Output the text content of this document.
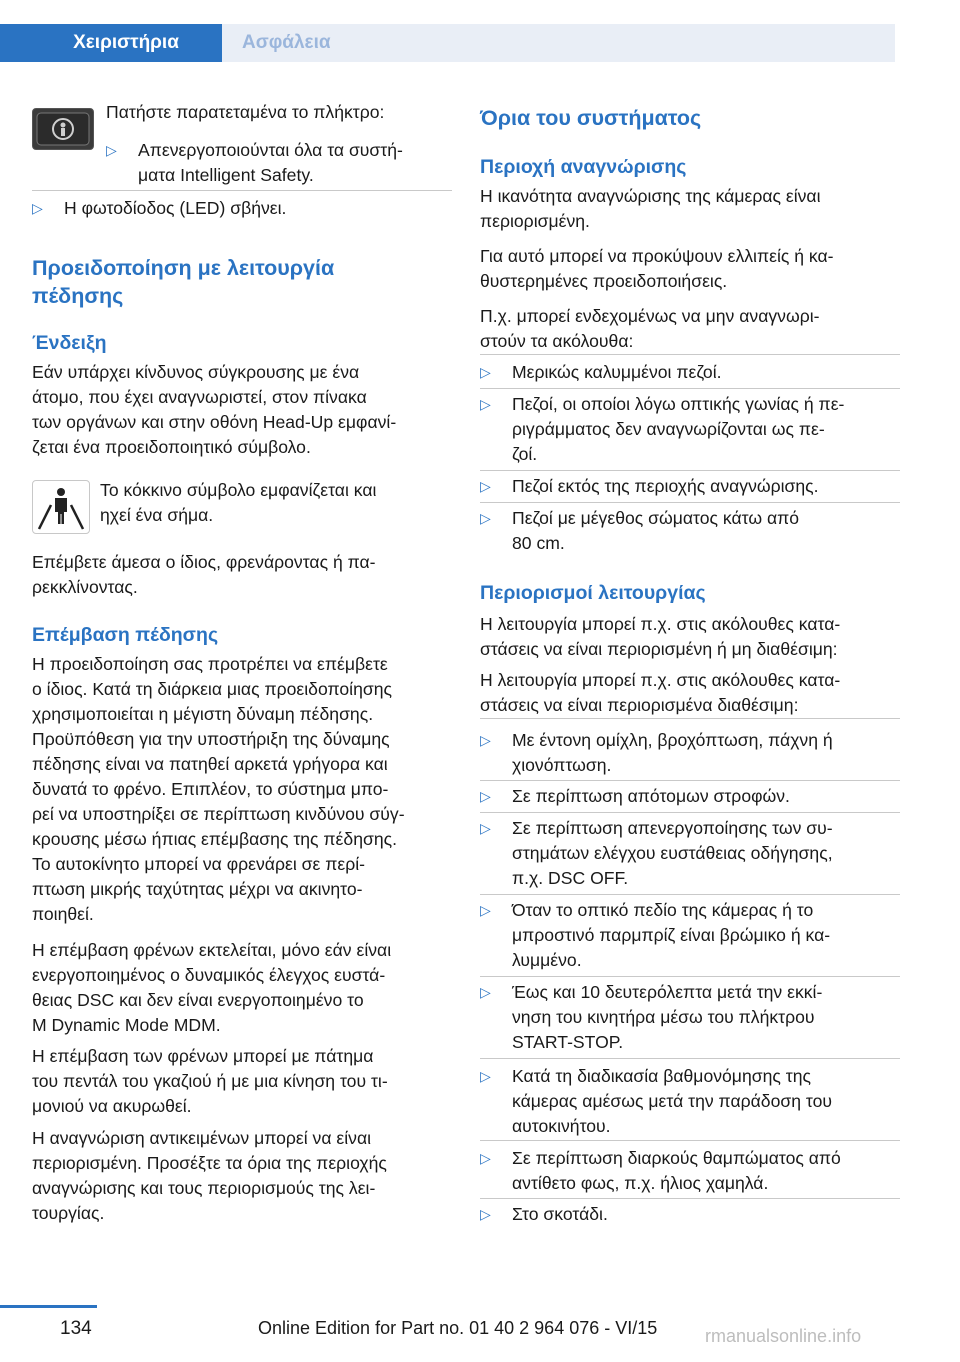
Χειριστήρια	Ασφάλεια

Πατήστε παρατεταμένα το πλήκτρο:

▷	Απενεργοποιούνται όλα τα συστή-
ματα Intelligent Safety.
▷	Η φωτοδίοδος (LED) σβήνει.
Προειδοποίηση με λειτουργία
πέδησης
Ένδειξη

Εάν υπάρχει κίνδυνος σύγκρουσης με ένα
άτομο, που έχει αναγνωριστεί, στον πίνακα
των οργάνων και στην οθόνη Head-Up εμφανί-
ζεται ένα προειδοποιητικό σύμβολο.

Το κόκκινο σύμβολο εμφανίζεται και
ηχεί ένα σήμα.

Επέμβετε άμεσα ο ίδιος, φρενάροντας ή πα-
ρεκκλίνοντας.

Επέμβαση πέδησης

Η προειδοποίηση σας προτρέπει να επέμβετε
ο ίδιος. Κατά τη διάρκεια μιας προειδοποίησης
χρησιμοποιείται η μέγιστη δύναμη πέδησης.
Προϋπόθεση για την υποστήριξη της δύναμης
πέδησης είναι να πατηθεί αρκετά γρήγορα και
δυνατά το φρένο. Επιπλέον, το σύστημα μπο-
ρεί να υποστηρίξει σε περίπτωση κινδύνου σύγ-
κρουσης μέσω ήπιας επέμβασης της πέδησης.
Το αυτοκίνητο μπορεί να φρενάρει σε περί-
πτωση μικρής ταχύτητας μέχρι να ακινητο-
ποιηθεί.

Η επέμβαση φρένων εκτελείται, μόνο εάν είναι
ενεργοποιημένος ο δυναμικός έλεγχος ευστά-
θειας DSC και δεν είναι ενεργοποιημένο το
M Dynamic Mode MDM.

Η επέμβαση των φρένων μπορεί με πάτημα
του πεντάλ του γκαζιού ή με μια κίνηση του τι-
μονιού να ακυρωθεί.

Η αναγνώριση αντικειμένων μπορεί να είναι
περιορισμένη. Προσέξτε τα όρια της περιοχής
αναγνώρισης και τους περιορισμούς της λει-
τουργίας.

Όρια του συστήματος
Περιοχή αναγνώρισης

Η ικανότητα αναγνώρισης της κάμερας είναι
περιορισμένη.

Για αυτό μπορεί να προκύψουν ελλιπείς ή κα-
θυστερημένες προειδοποιήσεις.

Π.χ. μπορεί ενδεχομένως να μην αναγνωρι-
στούν τα ακόλουθα:

▷	Μερικώς καλυμμένοι πεζοί.
▷	Πεζοί, οι οποίοι λόγω οπτικής γωνίας ή πε-
ριγράμματος δεν αναγνωρίζονται ως πε-
ζοί.
▷	Πεζοί εκτός της περιοχής αναγνώρισης.
▷	Πεζοί με μέγεθος σώματος κάτω από
80 cm.
Περιορισμοί λειτουργίας

Η λειτουργία μπορεί π.χ. στις ακόλουθες κατα-
στάσεις να είναι περιορισμένη ή μη διαθέσιμη:

Η λειτουργία μπορεί π.χ. στις ακόλουθες κατα-
στάσεις να είναι περιορισμένα διαθέσιμη:

▷	Με έντονη ομίχλη, βροχόπτωση, πάχνη ή
χιονόπτωση.
▷	Σε περίπτωση απότομων στροφών.
▷	Σε περίπτωση απενεργοποίησης των συ-
στημάτων ελέγχου ευστάθειας οδήγησης,
π.χ. DSC OFF.
▷	Όταν το οπτικό πεδίο της κάμερας ή το
μπροστινό παρμπρίζ είναι βρώμικο ή κα-
λυμμένο.
▷	Έως και 10 δευτερόλεπτα μετά την εκκί-
νηση του κινητήρα μέσω του πλήκτρου
START-STOP.
▷	Κατά τη διαδικασία βαθμονόμησης της
κάμερας αμέσως μετά την παράδοση του
αυτοκινήτου.
▷	Σε περίπτωση διαρκούς θαμπώματος από
αντίθετο φως, π.χ. ήλιος χαμηλά.
▷	Στο σκοτάδι.
134	Online Edition for Part no. 01 40 2 964 076 - VI/15	rmanualsonline.info
